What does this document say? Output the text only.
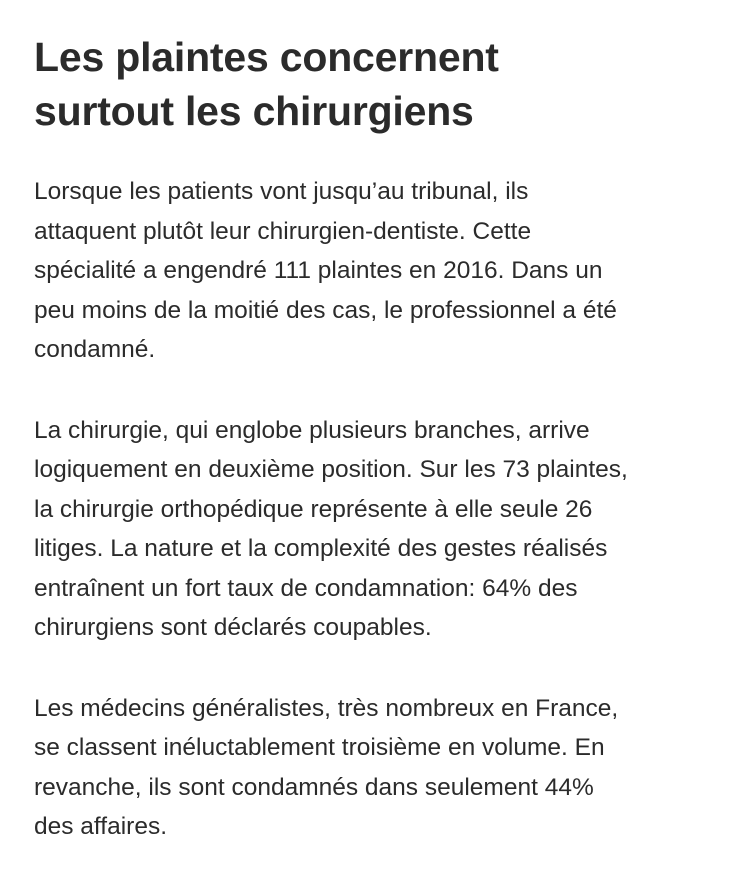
Les plaintes concernent
surtout les chirurgiens

Lorsque les patients vont jusqu’au tribunal, ils
attaquent plutôt leur chirurgien-dentiste. Cette
spécialité a engendré 111 plaintes en 2016. Dans un
peu moins de la moitié des cas, le professionnel a été
condamné.

La chirurgie, qui englobe plusieurs branches, arrive
logiquement en deuxième position. Sur les 73 plaintes,
la chirurgie orthopédique représente à elle seule 26
litiges. La nature et la complexité des gestes réalisés
entraînent un fort taux de condamnation: 64% des
chirurgiens sont déclarés coupables.

Les médecins généralistes, très nombreux en France,
se classent inéluctablement troisième en volume. En
revanche, ils sont condamnés dans seulement 44%
des affaires.
